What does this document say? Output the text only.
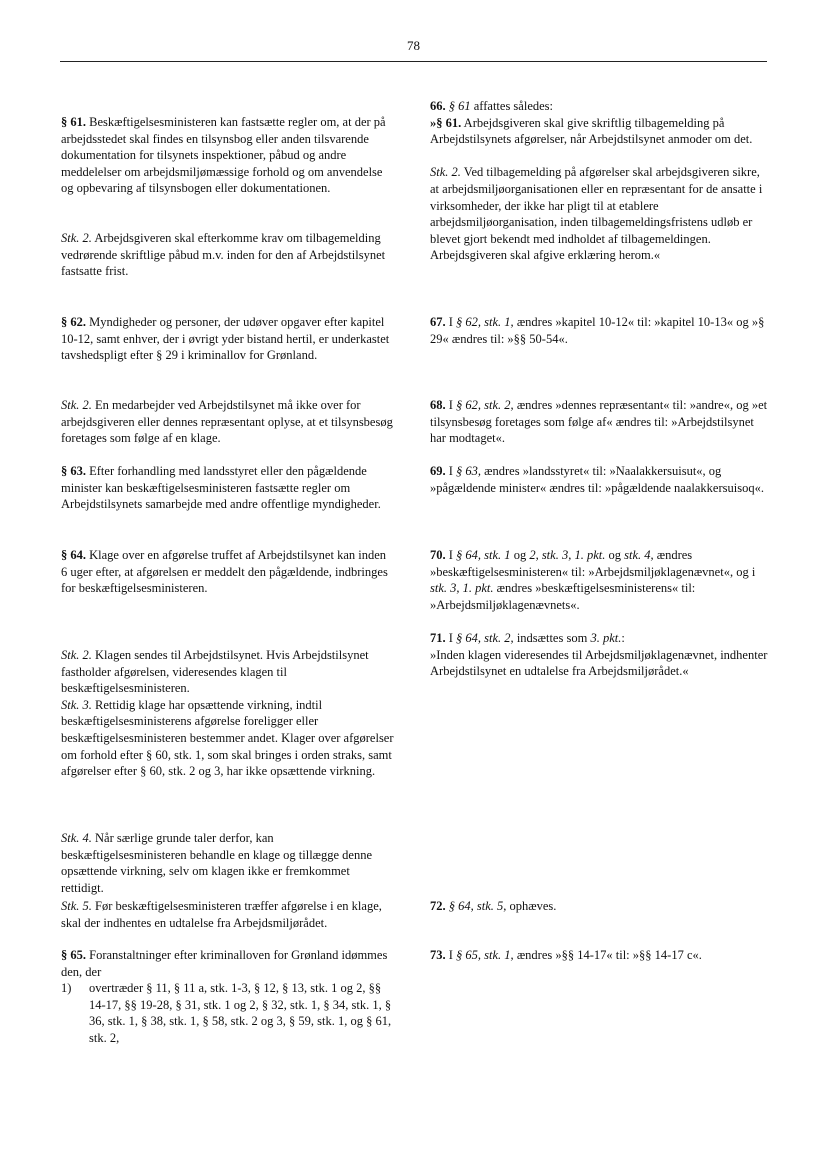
78

§ 61. Beskæftigelsesministeren kan fastsætte regler om, at der på arbejdsstedet skal findes en tilsynsbog eller anden tilsvarende dokumentation for tilsynets inspektioner, påbud og andre meddelelser om arbejdsmiljømæssige forhold og om anvendelse og opbevaring af tilsynsbogen eller dokumentationen.

Stk. 2. Arbejdsgiveren skal efterkomme krav om tilbagemelding vedrørende skriftlige påbud m.v. inden for den af Arbejdstilsynet fastsatte frist.

§ 62. Myndigheder og personer, der udøver opgaver efter kapitel 10-12, samt enhver, der i øvrigt yder bistand hertil, er underkastet tavshedspligt efter § 29 i kriminallov for Grønland.

Stk. 2. En medarbejder ved Arbejdstilsynet må ikke over for arbejdsgiveren eller dennes repræsentant oplyse, at et tilsynsbesøg foretages som følge af en klage.

§ 63. Efter forhandling med landsstyret eller den pågældende minister kan beskæftigelsesministeren fastsætte regler om Arbejdstilsynets samarbejde med andre offentlige myndigheder.

§ 64. Klage over en afgørelse truffet af Arbejdstilsynet kan inden 6 uger efter, at afgørelsen er meddelt den pågældende, indbringes for beskæftigelsesministeren.

Stk. 2. Klagen sendes til Arbejdstilsynet. Hvis Arbejdstilsynet fastholder afgørelsen, videresendes klagen til beskæftigelsesministeren.

Stk. 3. Rettidig klage har opsættende virkning, indtil beskæftigelsesministerens afgørelse foreligger eller beskæftigelsesministeren bestemmer andet. Klager over afgørelser om forhold efter § 60, stk. 1, som skal bringes i orden straks, samt afgørelser efter § 60, stk. 2 og 3, har ikke opsættende virkning.

Stk. 4. Når særlige grunde taler derfor, kan beskæftigelsesministeren behandle en klage og tillægge denne opsættende virkning, selv om klagen ikke er fremkommet rettidigt.

Stk. 5. Før beskæftigelsesministeren træffer afgørelse i en klage, skal der indhentes en udtalelse fra Arbejdsmiljørådet.

§ 65. Foranstaltninger efter kriminalloven for Grønland idømmes den, der

1)	overtræder § 11, § 11 a, stk. 1-3, § 12, § 13, stk. 1 og 2, §§ 14-17, §§ 19-28, § 31, stk. 1 og 2, § 32, stk. 1, § 34, stk. 1, § 36, stk. 1, § 38, stk. 1, § 58, stk. 2 og 3, § 59, stk. 1, og § 61, stk. 2,

66. § 61 affattes således:

»§ 61. Arbejdsgiveren skal give skriftlig tilbagemelding på Arbejdstilsynets afgørelser, når Arbejdstilsynet anmoder om det.

Stk. 2. Ved tilbagemelding på afgørelser skal arbejdsgiveren sikre, at arbejdsmiljøorganisationen eller en repræsentant for de ansatte i virksomheder, der ikke har pligt til at etablere arbejdsmiljøorganisation, inden tilbagemeldingsfristens udløb er blevet gjort bekendt med indholdet af tilbagemeldingen. Arbejdsgiveren skal afgive erklæring herom.«

67. I § 62, stk. 1, ændres »kapitel 10-12« til: »kapitel 10-13« og »§ 29« ændres til: »§§ 50-54«.

68. I § 62, stk. 2, ændres »dennes repræsentant« til: »andre«, og »et tilsynsbesøg foretages som følge af« ændres til: »Arbejdstilsynet har modtaget«.

69. I § 63, ændres »landsstyret« til: »Naalakkersuisut«, og »pågældende minister« ændres til: »pågældende naalakkersuisoq«.

70. I § 64, stk. 1 og 2, stk. 3, 1. pkt. og stk. 4, ændres »beskæftigelsesministeren« til: »Arbejdsmiljøklagenævnet«, og i stk. 3, 1. pkt. ændres »beskæftigelsesministerens« til: »Arbejdsmiljøklagenævnets«.

71. I § 64, stk. 2, indsættes som 3. pkt.:

»Inden klagen videresendes til Arbejdsmiljøklagenævnet, indhenter Arbejdstilsynet en udtalelse fra Arbejdsmiljørådet.«

72. § 64, stk. 5, ophæves.

73. I § 65, stk. 1, ændres »§§ 14-17« til: »§§ 14-17 c«.
